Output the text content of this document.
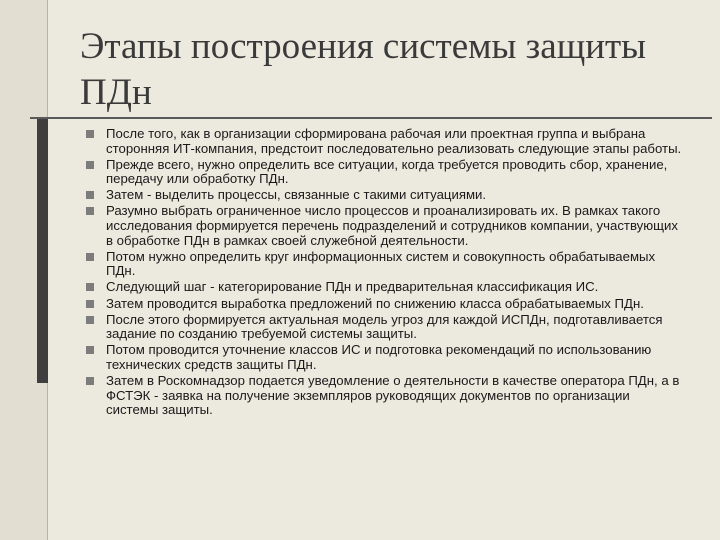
Этапы построения системы защиты ПДн
После того, как в организации сформирована рабочая или проектная группа и выбрана сторонняя ИТ-компания, предстоит последовательно реализовать следующие этапы работы.
Прежде всего, нужно определить все ситуации, когда требуется проводить сбор, хранение, передачу или обработку ПДн.
Затем - выделить процессы, связанные с такими ситуациями.
Разумно выбрать ограниченное число процессов и проанализировать их. В рамках такого исследования формируется перечень подразделений и сотрудников компании, участвующих в обработке ПДн в рамках своей служебной деятельности.
Потом нужно определить круг информационных систем и совокупность обрабатываемых ПДн.
Следующий шаг - категорирование ПДн и предварительная классификация ИС.
Затем проводится выработка предложений по снижению класса обрабатываемых ПДн.
После этого формируется актуальная модель угроз для каждой ИСПДн, подготавливается задание по созданию требуемой системы защиты.
Потом проводится уточнение классов ИС и подготовка рекомендаций по использованию технических средств защиты ПДн.
Затем в Роскомнадзор подается уведомление о деятельности в качестве оператора ПДн, а в ФСТЭК - заявка на получение экземпляров руководящих документов по организации системы защиты.
